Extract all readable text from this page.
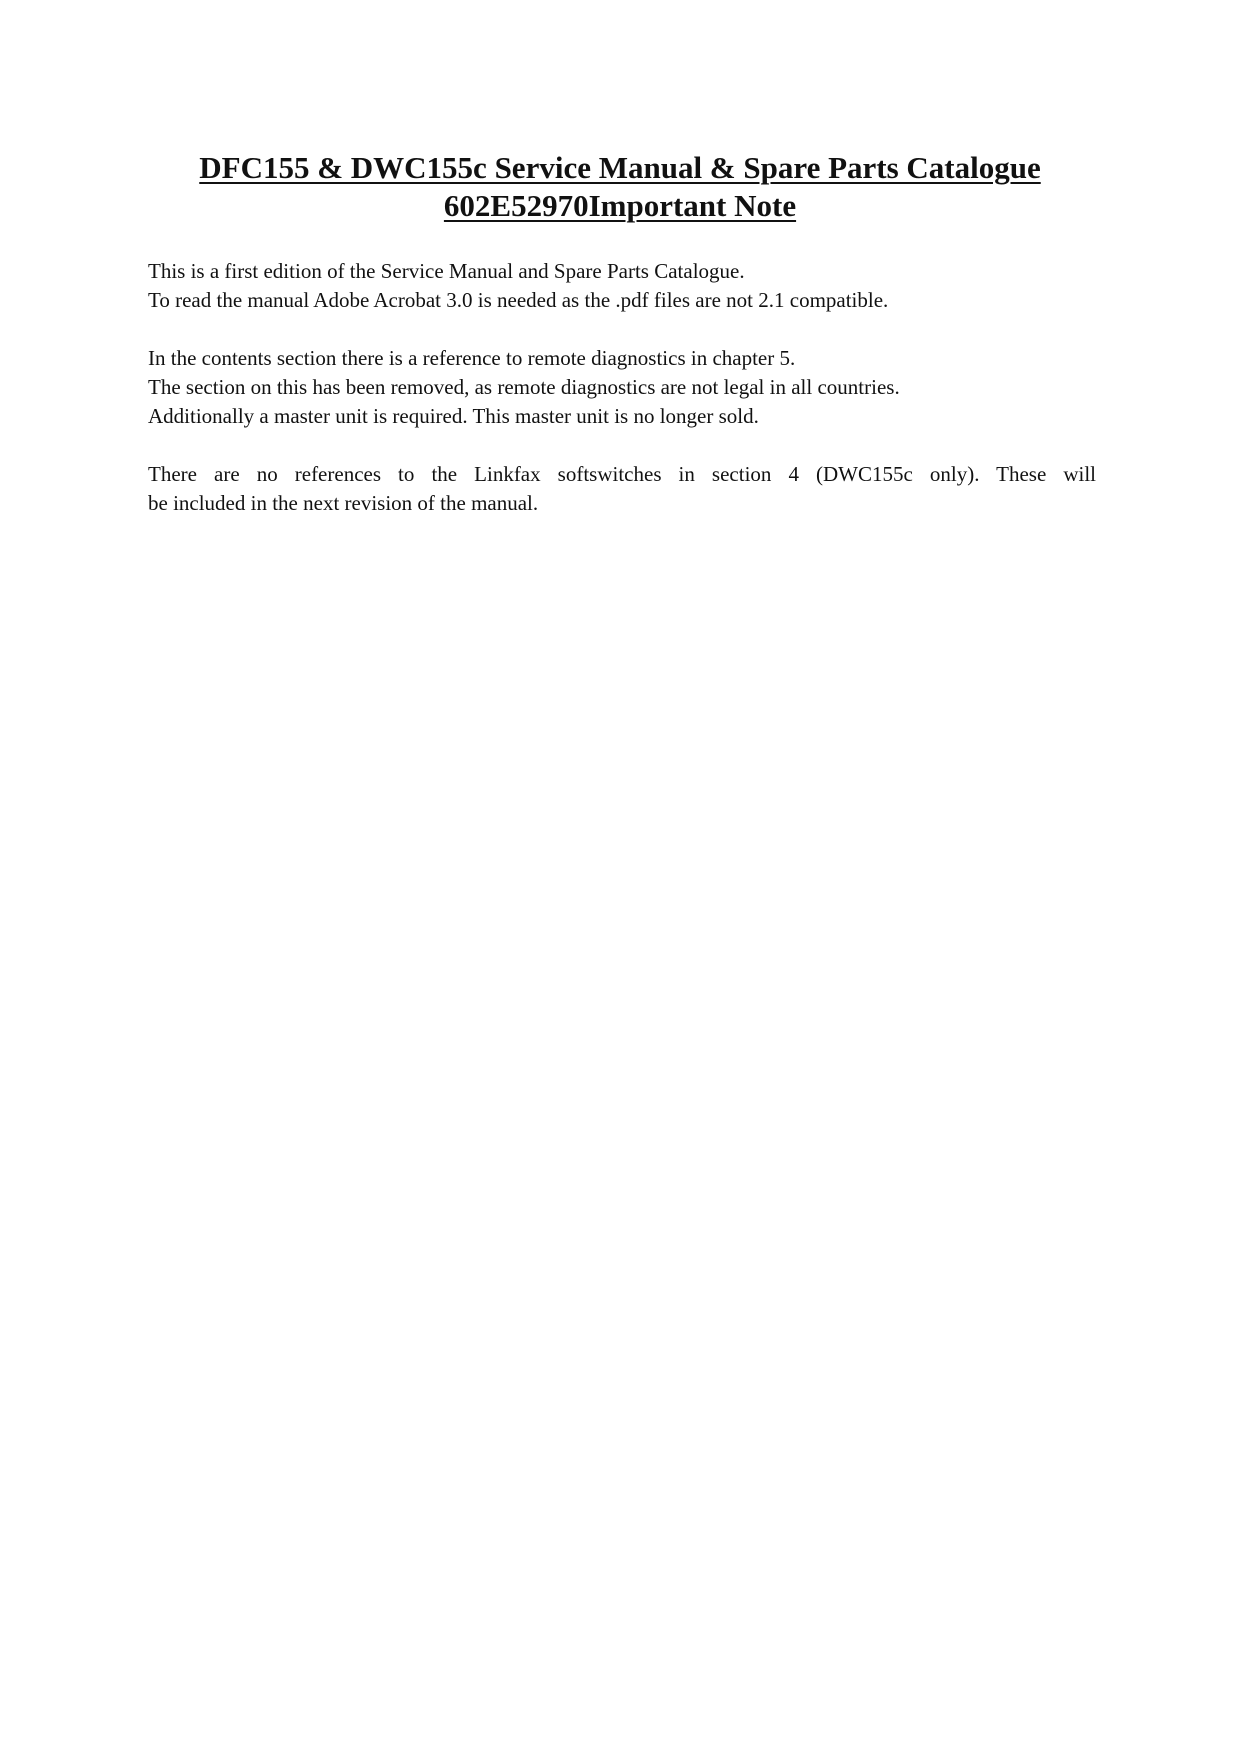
DFC155 & DWC155c Service Manual & Spare Parts Catalogue
602E52970Important Note

This is a first edition of the Service Manual and Spare Parts Catalogue.
To read the manual Adobe Acrobat 3.0 is needed as the .pdf files are not 2.1 compatible.

In the contents section there is a reference to remote diagnostics in chapter 5.
The section on this has been removed, as remote diagnostics are not legal in all countries.
Additionally a master unit is required. This master unit is no longer sold.

There are no references to the Linkfax softswitches in section 4 (DWC155c only). These will
be included in the next revision of the manual.
